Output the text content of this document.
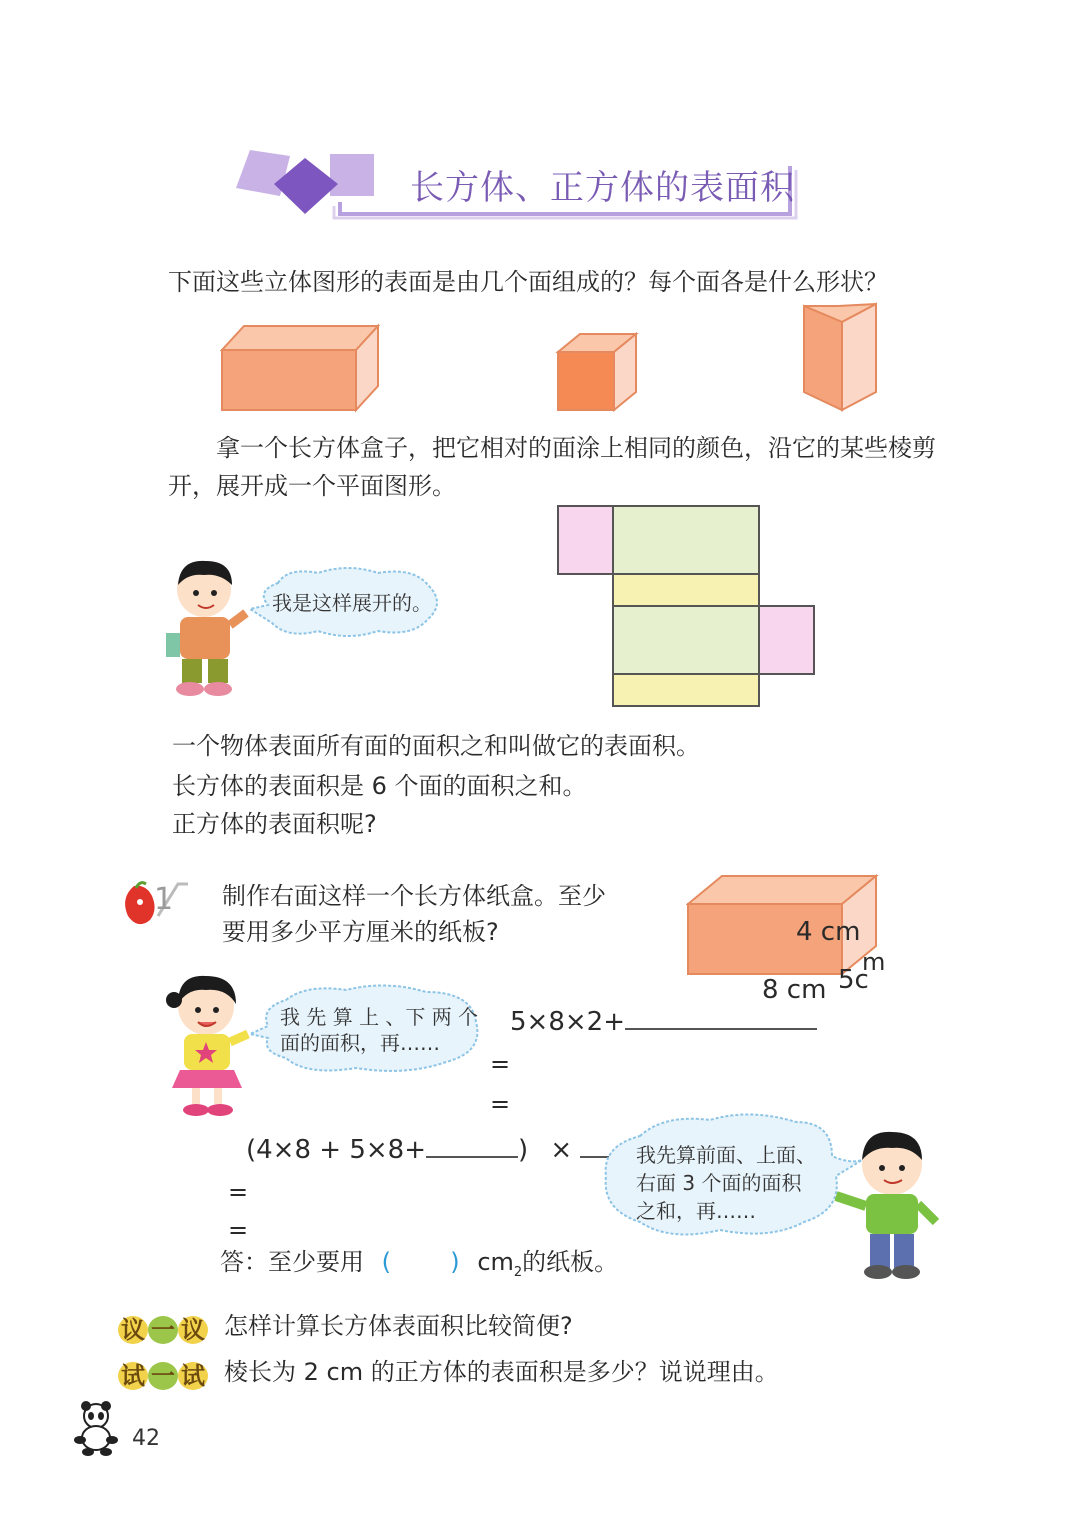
长方体、正方体的表面积
下面这些立体图形的表面是由几个面组成的？每个面各是什么形状？
拿一个长方体盒子，把它相对的面涂上相同的颜色，沿它的某些棱剪
开，展开成一个平面图形。
我是这样展开的。
一个物体表面所有面的面积之和叫做它的表面积。
长方体的表面积是 6 个面的面积之和。
正方体的表面积呢?
1 制作右面这样一个长方体纸盒。至少
要用多少平方厘米的纸板?	4 cm
5c
m
8 cm
我 先 算 上 、下 两 个
面的面积，再……
5×8×2+
=
=
(4×8 + 5×8+	) ×
=
=
我先算前面、上面、
右面 3 个面的面积
之和，再……
答：至少要用 ( ) $cm_2$的纸板。
议 一 议 怎样计算长方体表面积比较简便?
试 一 试 棱长为 2 cm 的正方体的表面积是多少？说说理由。
42
